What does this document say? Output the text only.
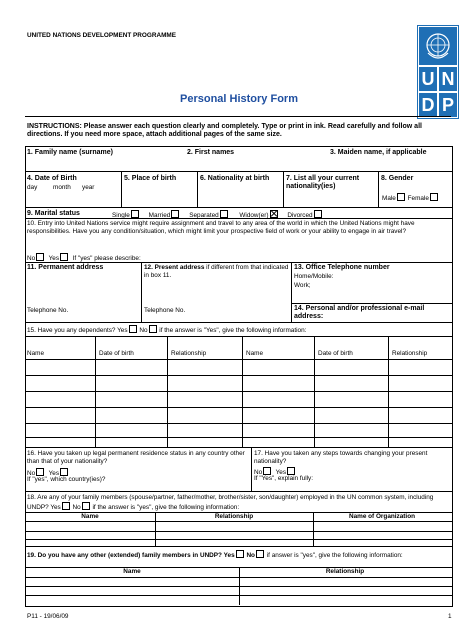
UNITED NATIONS DEVELOPMENT PROGRAMME
U N
D P
Personal History Form
INSTRUCTIONS: Please answer each question clearly and completely. Type or print in ink. Read carefully and follow all directions. If you need more space, attach additional pages of the same size.
1. Family name (surname)	2. First names	3. Maiden name, if applicable
4. Date of Birth
day month year
5. Place of birth	6. Nationality at birth	7. List all your current nationality(ies)
8. Gender
Male Female
9. Marital status	Single	Married	Separated	Widow(er)	Divorced
10. Entry into United Nations service might require assignment and travel to any area of the world in which the United Nations might have responsibilities. Have you any condition/situation, which might limit your prospective field of work or your ability to engage in air travel?
No Yes If "yes" please describe:
11. Permanent address
Telephone No.
12. Present address if different from that indicated in box 11.
Telephone No.
13. Office Telephone number
Home/Mobile:
Work;
14. Personal and/or professional e-mail address:
15. Have you any dependents? Yes No if the answer is "Yes", give the following information:
Name	Date of birth	Relationship	Name	Date of birth	Relationship
16. Have you taken up legal permanent residence status in any country other than that of your nationality?
No Yes
If "yes", which country(ies)?
17. Have you taken any steps towards changing your present nationality?
No Yes
If "Yes", explain fully:
18. Are any of your family members (spouse/partner, father/mother, brother/sister, son/daughter) employed in the UN common system, including UNDP? Yes No if the answer is "yes", give the following information:
Name	Relationship	Name of Organization
19. Do you have any other (extended) family members in UNDP? Yes No if answer is "yes", give the following information:
Name	Relationship
P11 - 19/06/09	1
